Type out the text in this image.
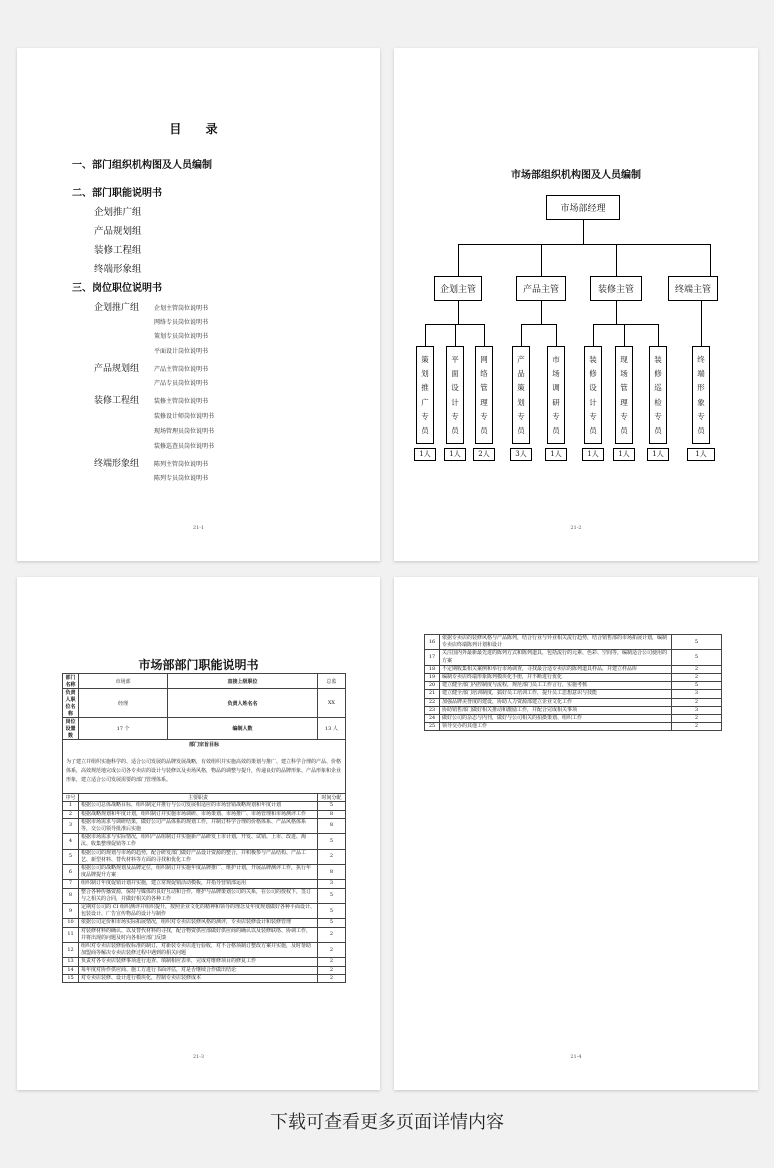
目 录
一、部门组织机构图及人员编制
二、部门职能说明书
企划推广组
产品规划组
装修工程组
终端形象组
三、岗位职位说明书
企划推广组 企划主管岗位说明书
网络专员岗位说明书
策划专员岗位说明书
平面设计岗位说明书
产品规划组 产品主管岗位说明书
产品专员岗位说明书
装修工程组 装修主管岗位说明书
装修设计师岗位说明书
现场管理员岗位说明书
装修巡查员岗位说明书
终端形象组 陈列主管岗位说明书
陈列专员岗位说明书
21-1
市场部组织机构图及人员编制
市场部经理
企划主管	产品主管	装修主管	终端主管
策
划
推
广
专
员
平
面
设
计
专
员
网
络
管
理
专
员
产
品
策
划
专
员
市
场
调
研
专
员
装
修
设
计
专
员
现
场
管
理
专
员
装
修
巡
检
专
员
终
端
形
象
专
员
1人	1人	2人	3人	1人	1人	1人	1人	1人
21-2
市场部部门职能说明书
部门名称	市场部	直接上级职位	总监
负责人职位名称	经理	负责人姓名名	XX
岗位设置数	17 个	编制人数	13 人
部门宗旨目标			
为了建立并组织实施科学的、适合公司发展的品牌发展战略，有效组织并实施高效的策划与推广、建立科学合理的产品、价格体系，高效规范地完成公司各专卖店的设计与装修以及卖场风格，物品的调整与提升，传递良好的品牌形象、产品形象和企业形象，建立适合公司发展需要的部门管理体系。			
序号	主要职责		时间分配
1	根据公司总体战略目标，组织制定并推行与公司发展相适应的市场营销战略规划和年度计划		5
2	根据战略规划和年度计划，组织制订并实施市场调研、市场策划、市场推广、市场管理和市场测评工作		8
3	根据市场需求与调研结果，做好公司产品体系的规划工作，并制订科学合理的价格体系、产品风格体系等，交公司领导批准后实施		8
4	根据市场需求与实际情况，组织产品组制订并实施新产品研发上市计划，开发、试销、上市、改进、淘汰、收集整理促销等工作		5
5	根据公司的规划与市场的趋势，配合研发部门做好产品设计资源的整合，并积极参与产品结构、产品工艺、新型材料、替代材料等方面的寻找和优化工作		2
6	根据公司的战略规划及品牌定位，组织制订并实施年度品牌推广、维护计划，开展品牌测评工作，执行年度品牌提升方案		8
7	组织制订年度促销计划并实施，建立常规促销活动模板，并指导营销部运用		3
8	整合各种传播资源，保持与媒体的良好互动和合作，维护与品牌策划公司的关系，在公司的授权下，签订与之相关的合同，并做好相关的各种工作		5
9	定期对公司的 CI 组织测评并组织提升，按照企业文化的精神和领导的理念及年度规划做好各种平面设计、包装设计、广告宣传物品的设计与制作		5
10	依据公司定价和市场实际拓展情况，组织对专卖店装修风格的测评，专卖店装修设计和装修管理		5
11	对装修材料的确认、以及替代材料的寻找，配合物资供应部做好供应商的确认以及装修联络、协调工作，并将出现的问题及时向各相应部门反馈		2
12	组织对专卖店装修验收标准的制订，对新装专卖店进行验收，对不合格项制订整改方案并实施，及时帮助加盟商等解决专卖店装修过程中遇到的相关问题		2
13	负责对各专卖店装修事项进行追查、填制相应表单，完成对维修项目的修复工作		2
14	每年度对协作供应商、施工方进行书面评估，对是否继续合作做出结论		2
15	对专卖店装修、设计进行模块化，控制专卖店装修成本		2
21-3
16	依据专卖店的装修风格与产品陈列，结合行业与异业相关流行趋势，结合销售部的市场拓展计划，编制专卖店终端陈列计划和设计	5
17	关注国内外最新最先进的陈列方式和陈列道具，包括流行的元素、色彩、空间等，编制适合公司使用的方案	5
18	不定期收集相关案例和举行市场调查，寻找最合适专卖店的陈列道具样品，并建立样品库	2
19	编制专卖店终端形象陈列模块化手册，并不断进行优化	2
20	建立健全部门内控制度与流程，规范部门员工工作言行，实施考核	5
21	建立健全部门培训制度，搞好员工培训工作，提升员工思想意识与技能	3
22	加强品牌美誉度的建设，协助人力资源部建立企业文化工作	2
23	协助销售部门做好相关推动和激励工作，并配合完成相关事项	3
24	做好公司的杂志与内刊，做好与公司相关的拍摄策划、组织工作	2
25	领导交办的其他工作	2
21-4
下载可查看更多页面详情内容
